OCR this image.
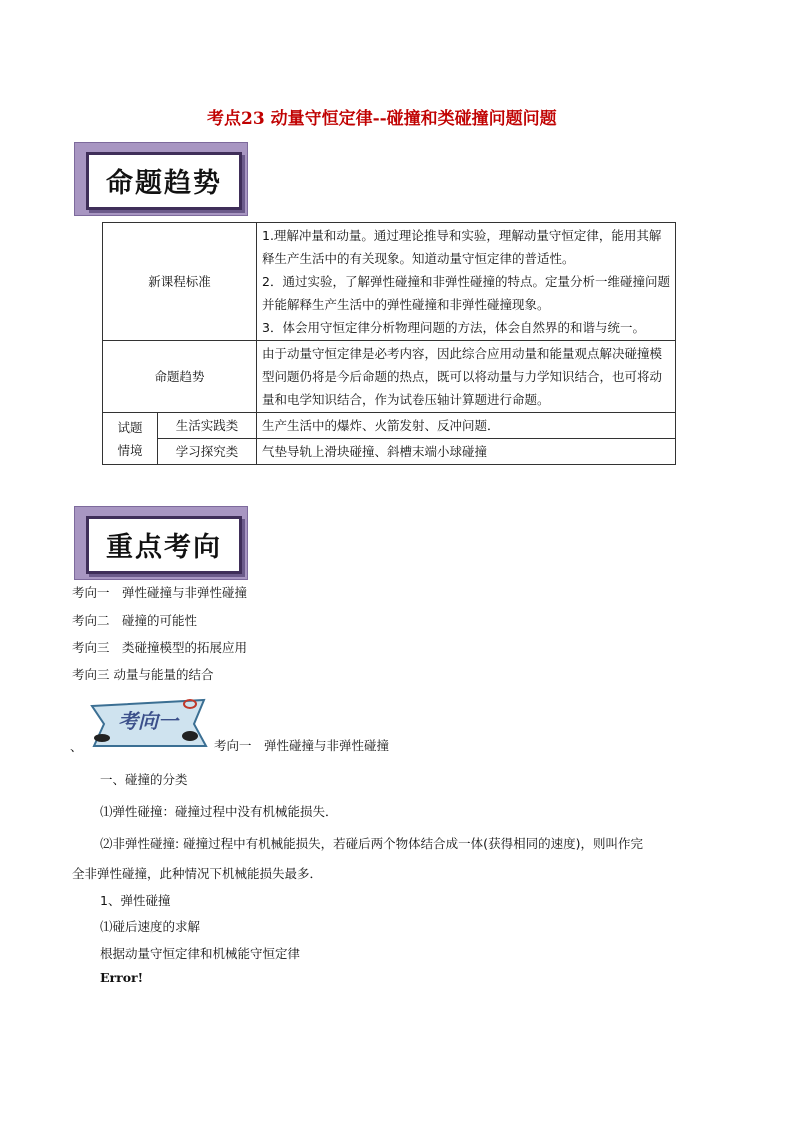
考点23 动量守恒定律--碰撞和类碰撞问题问题
命题趋势
新课程标准		1.理解冲量和动量。通过理论推导和实验，理解动量守恒定律，能用其解释生产生活中的有关现象。知道动量守恒定律的普适性。

2．通过实验，了解弹性碰撞和非弹性碰撞的特点。定量分析一维碰撞问题并能解释生产生活中的弹性碰撞和非弹性碰撞现象。

3．体会用守恒定律分析物理问题的方法，体会自然界的和谐与统一。

命题趋势		由于动量守恒定律是必考内容，因此综合应用动量和能量观点解决碰撞模型问题仍将是今后命题的热点，既可以将动量与力学知识结合，也可将动量和电学知识结合，作为试卷压轴计算题进行命题。

试题
情境	生活实践类	生产生活中的爆炸、火箭发射、反冲问题．
	学习探究类	气垫导轨上滑块碰撞、斜槽末端小球碰撞
重点考向
考向一　弹性碰撞与非弹性碰撞
考向二　碰撞的可能性
考向三　类碰撞模型的拓展应用
考向三 动量与能量的结合
考向一
、	考向一　弹性碰撞与非弹性碰撞
一、碰撞的分类
⑴弹性碰撞：碰撞过程中没有机械能损失．
⑵非弹性碰撞: 碰撞过程中有机械能损失，若碰后两个物体结合成一体(获得相同的速度)，则叫作完
全非弹性碰撞，此种情况下机械能损失最多．
1、弹性碰撞
⑴碰后速度的求解
根据动量守恒定律和机械能守恒定律
Error!
